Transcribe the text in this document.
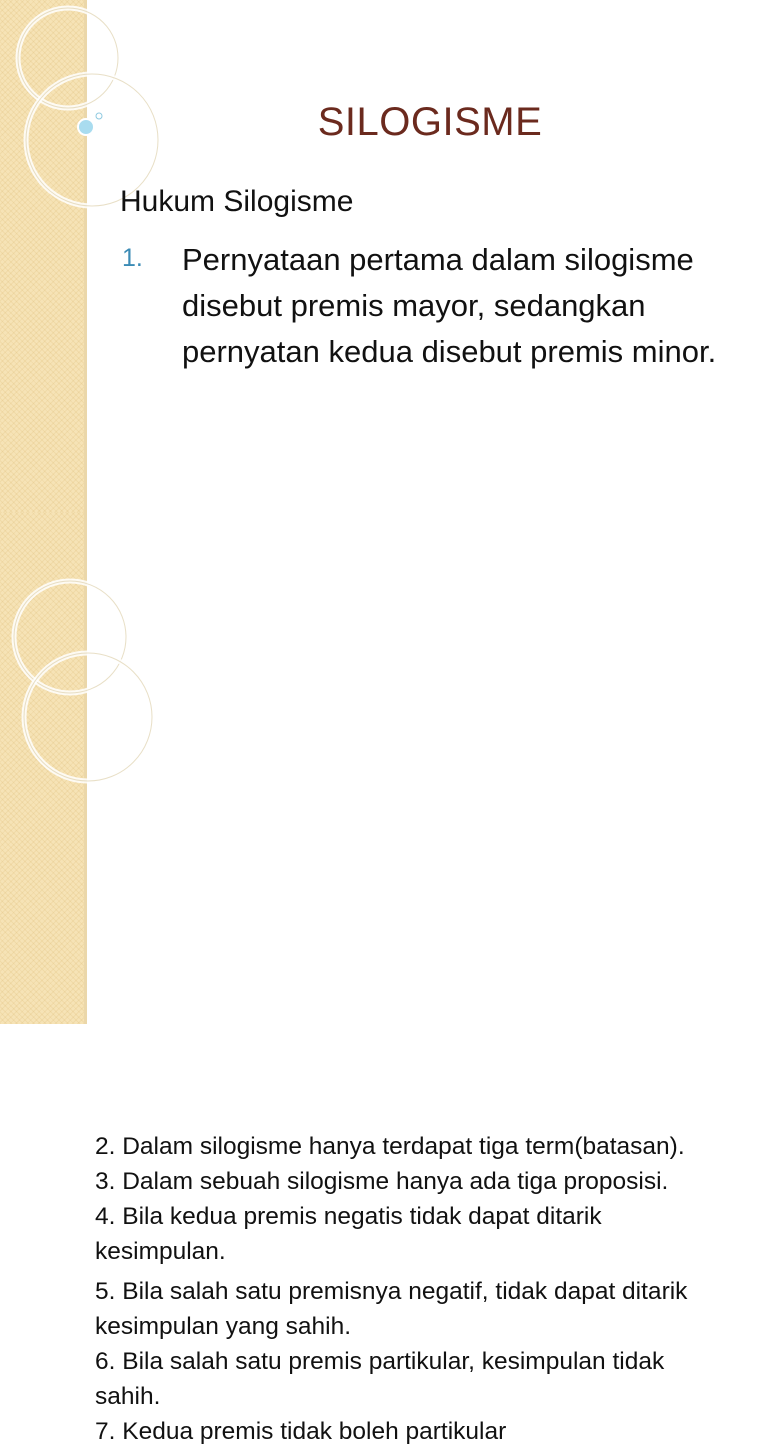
SILOGISME

Hukum Silogisme

1.	Pernyataan pertama dalam silogisme disebut premis mayor, sedangkan pernyatan kedua disebut premis minor.

2. Dalam silogisme hanya terdapat tiga term(batasan).

3. Dalam sebuah silogisme hanya ada tiga proposisi.

4. Bila kedua premis negatis tidak dapat ditarik kesimpulan.

5. Bila salah satu premisnya negatif, tidak dapat ditarik kesimpulan yang sahih.

6. Bila salah satu premis partikular, kesimpulan tidak sahih.

7. Kedua premis tidak boleh partikular
